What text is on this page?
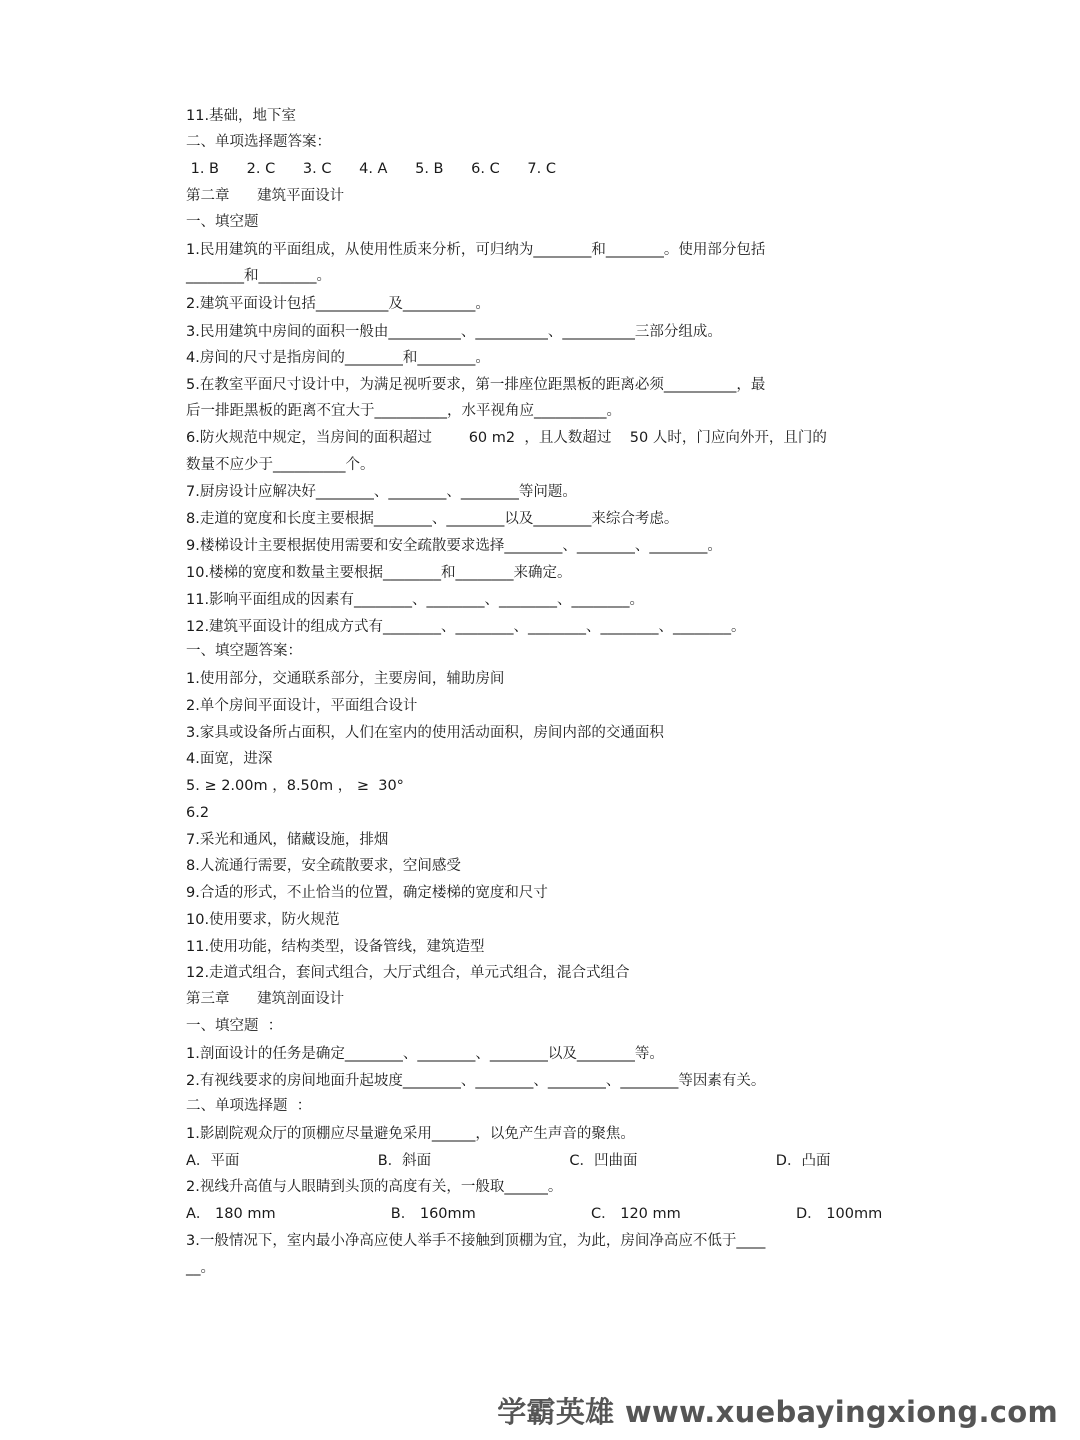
11.基础，地下室

二、单项选择题答案：

1. B      2. C      3. C      4. A      5. B      6. C      7. C

第二章      建筑平面设计

一、填空题

1.民用建筑的平面组成，从使用性质来分析，可归纳为________和________。使用部分包括

________和________。

2.建筑平面设计包括__________及__________。

3.民用建筑中房间的面积一般由__________、__________、__________三部分组成。

4.房间的尺寸是指房间的________和________。

5.在教室平面尺寸设计中，为满足视听要求，第一排座位距黑板的距离必须__________，最

后一排距黑板的距离不宜大于__________，水平视角应__________。

6.防火规范中规定，当房间的面积超过        60 m2  ，且人数超过    50 人时，门应向外开，且门的

数量不应少于__________个。

7.厨房设计应解决好________、________、________等问题。

8.走道的宽度和长度主要根据________、________以及________来综合考虑。

9.楼梯设计主要根据使用需要和安全疏散要求选择________、________、________。

10.楼梯的宽度和数量主要根据________和________来确定。

11.影响平面组成的因素有________、________、________、________。

12.建筑平面设计的组成方式有________、________、________、________、________。

一、填空题答案：

1.使用部分，交通联系部分，主要房间，辅助房间

2.单个房间平面设计，平面组合设计

3.家具或设备所占面积，人们在室内的使用活动面积，房间内部的交通面积

4.面宽，进深

5. ≥ 2.00m ，8.50m ， ≥  30°

6.2

7.采光和通风，储藏设施，排烟

8.人流通行需要，安全疏散要求，空间感受

9.合适的形式，不止恰当的位置，确定楼梯的宽度和尺寸

10.使用要求，防火规范

11.使用功能，结构类型，设备管线，建筑造型

12.走道式组合，套间式组合，大厅式组合，单元式组合，混合式组合

第三章      建筑剖面设计

一、填空题  ：

1.剖面设计的任务是确定________、________、________以及________等。

2.有视线要求的房间地面升起坡度________、________、________、________等因素有关。

二、单项选择题  ：

1.影剧院观众厅的顶棚应尽量避免采用______，以免产生声音的聚焦。

A．平面                              B．斜面                              C．凹曲面                              D．凸面

2.视线升高值与人眼睛到头顶的高度有关，一般取______。

A． 180 mm                         B． 160mm                         C． 120 mm                         D． 100mm

3.一般情况下，室内最小净高应使人举手不接触到顶棚为宜，为此，房间净高应不低于____

__。

学霸英雄 www.xuebayingxiong.com
